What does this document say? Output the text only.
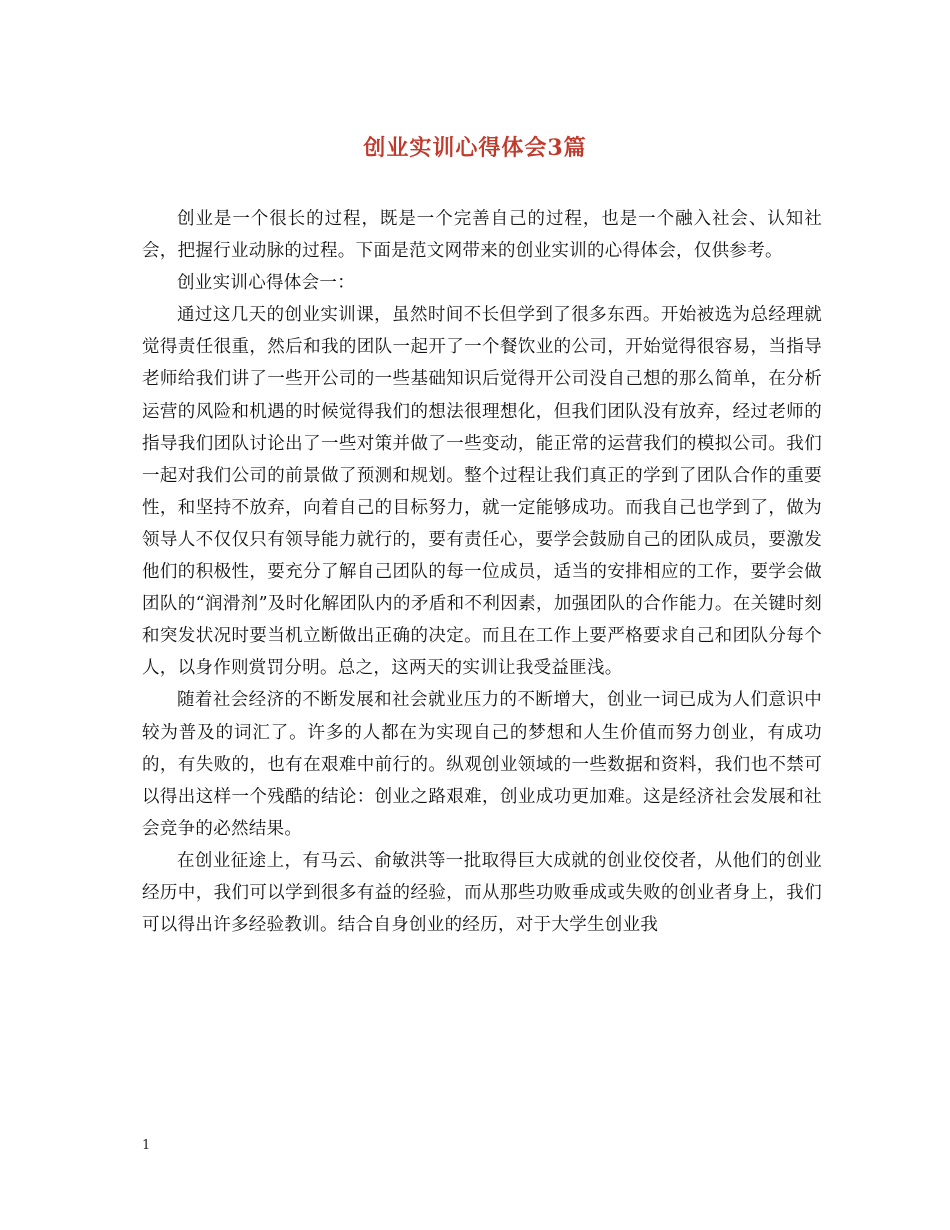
创业实训心得体会3篇

创业是一个很长的过程，既是一个完善自己的过程，也是一个融入社会、认知社会，把握行业动脉的过程。下面是范文网带来的创业实训的心得体会，仅供参考。

创业实训心得体会一：

通过这几天的创业实训课，虽然时间不长但学到了很多东西。开始被选为总经理就觉得责任很重，然后和我的团队一起开了一个餐饮业的公司，开始觉得很容易，当指导老师给我们讲了一些开公司的一些基础知识后觉得开公司没自己想的那么简单，在分析运营的风险和机遇的时候觉得我们的想法很理想化，但我们团队没有放弃，经过老师的指导我们团队讨论出了一些对策并做了一些变动，能正常的运营我们的模拟公司。我们一起对我们公司的前景做了预测和规划。整个过程让我们真正的学到了团队合作的重要性，和坚持不放弃，向着自己的目标努力，就一定能够成功。而我自己也学到了，做为领导人不仅仅只有领导能力就行的，要有责任心，要学会鼓励自己的团队成员，要激发他们的积极性，要充分了解自己团队的每一位成员，适当的安排相应的工作，要学会做团队的“润滑剂”及时化解团队内的矛盾和不利因素，加强团队的合作能力。在关键时刻和突发状况时要当机立断做出正确的决定。而且在工作上要严格要求自己和团队分每个人，以身作则赏罚分明。总之，这两天的实训让我受益匪浅。

随着社会经济的不断发展和社会就业压力的不断增大，创业一词已成为人们意识中较为普及的词汇了。许多的人都在为实现自己的梦想和人生价值而努力创业，有成功的，有失败的，也有在艰难中前行的。纵观创业领域的一些数据和资料，我们也不禁可以得出这样一个残酷的结论：创业之路艰难，创业成功更加难。这是经济社会发展和社会竞争的必然结果。

在创业征途上，有马云、俞敏洪等一批取得巨大成就的创业佼佼者，从他们的创业经历中，我们可以学到很多有益的经验，而从那些功败垂成或失败的创业者身上，我们可以得出许多经验教训。结合自身创业的经历，对于大学生创业我

1
